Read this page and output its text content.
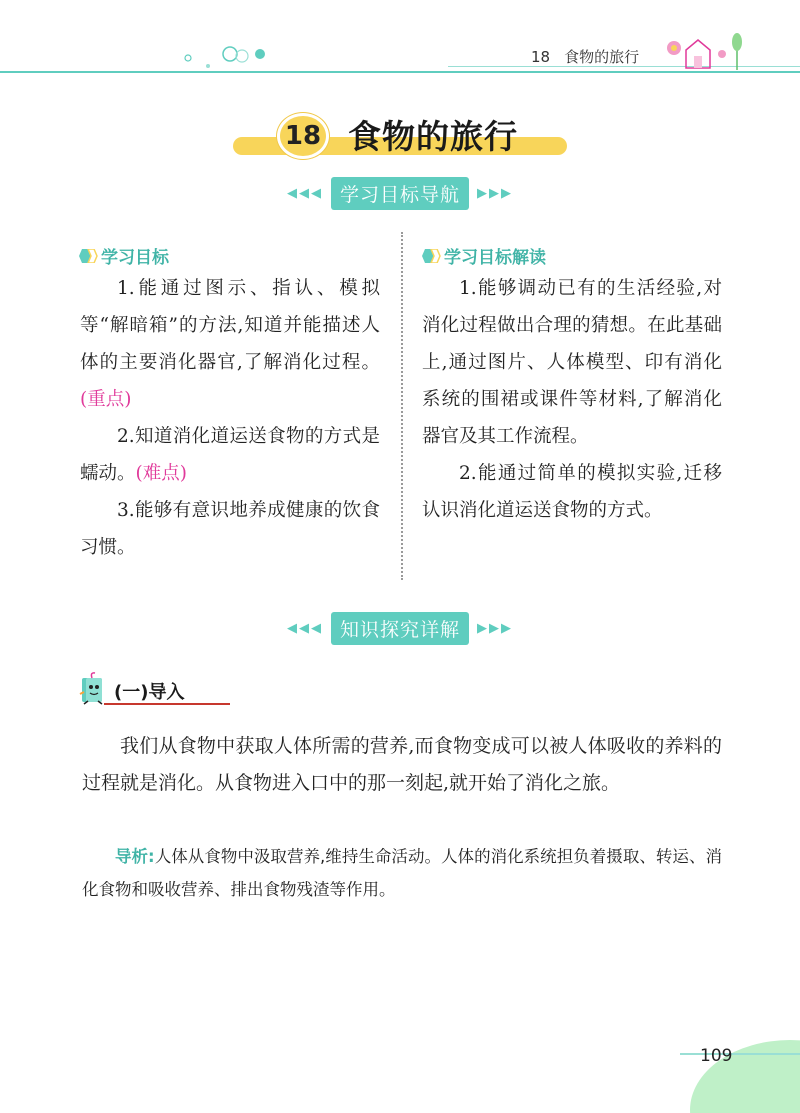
18 食物的旅行
18 食物的旅行
◀◀◀ 学习目标导航	▶▶▶
学习目标

1.能通过图示、指认、模拟等“解暗箱”的方法,知道并能描述人体的主要消化器官,了解消化过程。(重点)

2.知道消化道运送食物的方式是蠕动。(难点)

3.能够有意识地养成健康的饮食习惯。

学习目标解读

1.能够调动已有的生活经验,对消化过程做出合理的猜想。在此基础上,通过图片、人体模型、印有消化系统的围裙或课件等材料,了解消化器官及其工作流程。

2.能通过简单的模拟实验,迁移认识消化道运送食物的方式。

◀◀◀ 知识探究详解	▶▶▶
(一)导入
我们从食物中获取人体所需的营养,而食物变成可以被人体吸收的养料的过程就是消化。从食物进入口中的那一刻起,就开始了消化之旅。
导析:人体从食物中汲取营养,维持生命活动。人体的消化系统担负着摄取、转运、消化食物和吸收营养、排出食物残渣等作用。
109
